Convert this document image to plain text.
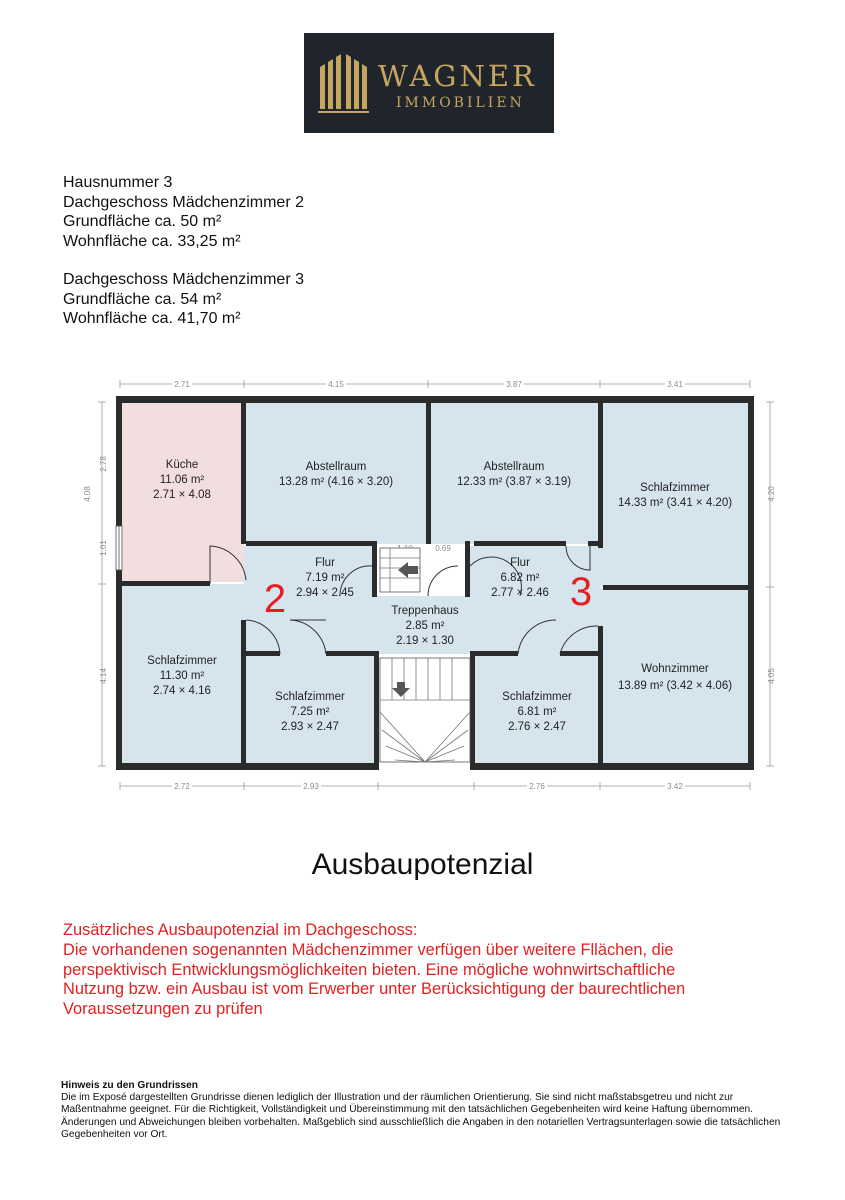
WAGNER
IMMOBILIEN
Hausnummer 3
Dachgeschoss Mädchenzimmer 2
Grundfläche ca. 50 m²
Wohnfläche ca. 33,25 m²
Dachgeschoss Mädchenzimmer 3
Grundfläche ca. 54 m²
Wohnfläche ca. 41,70 m²
2.71	4.15	3.87	3.41
2.72	2.93	2.76	3.42
2.78
4.08
1.01
4.14
4.20
4.05
0.69
Küche
11.06 m²
2.71 × 4.08
Abstellraum
13.28 m² (4.16 × 3.20)
Abstellraum
12.33 m² (3.87 × 3.19)	Schlafzimmer
14.33 m² (3.41 × 4.20)
Flur
7.19 m²
2.94 × 2.45
Flur
6.82 m²
2.77 × 2.46
Treppenhaus
2.85 m²
2.19 × 1.30
Schlafzimmer
11.30 m²
2.74 × 4.16	Schlafzimmer
7.25 m²
2.93 × 2.47
Schlafzimmer
6.81 m²
2.76 × 2.47
Wohnzimmer
13.89 m² (3.42 × 4.06)
2	3
Ausbaupotenzial
Zusätzliches Ausbaupotenzial im Dachgeschoss:
Die vorhandenen sogenannten Mädchenzimmer verfügen über weitere Fllächen, die
perspektivisch Entwicklungsmöglichkeiten bieten. Eine mögliche wohnwirtschaftliche
Nutzung bzw. ein Ausbau ist vom Erwerber unter Berücksichtigung der baurechtlichen
Voraussetzungen zu prüfen
Hinweis zu den Grundrissen
Die im Exposé dargestellten Grundrisse dienen lediglich der Illustration und der räumlichen Orientierung. Sie sind nicht maßstabsgetreu und nicht zur Maßentnahme geeignet. Für die Richtigkeit, Vollständigkeit und Übereinstimmung mit den tatsächlichen Gegebenheiten wird keine Haftung übernommen. Änderungen und Abweichungen bleiben vorbehalten. Maßgeblich sind ausschließlich die Angaben in den notariellen Vertragsunterlagen sowie die tatsächlichen Gegebenheiten vor Ort.
